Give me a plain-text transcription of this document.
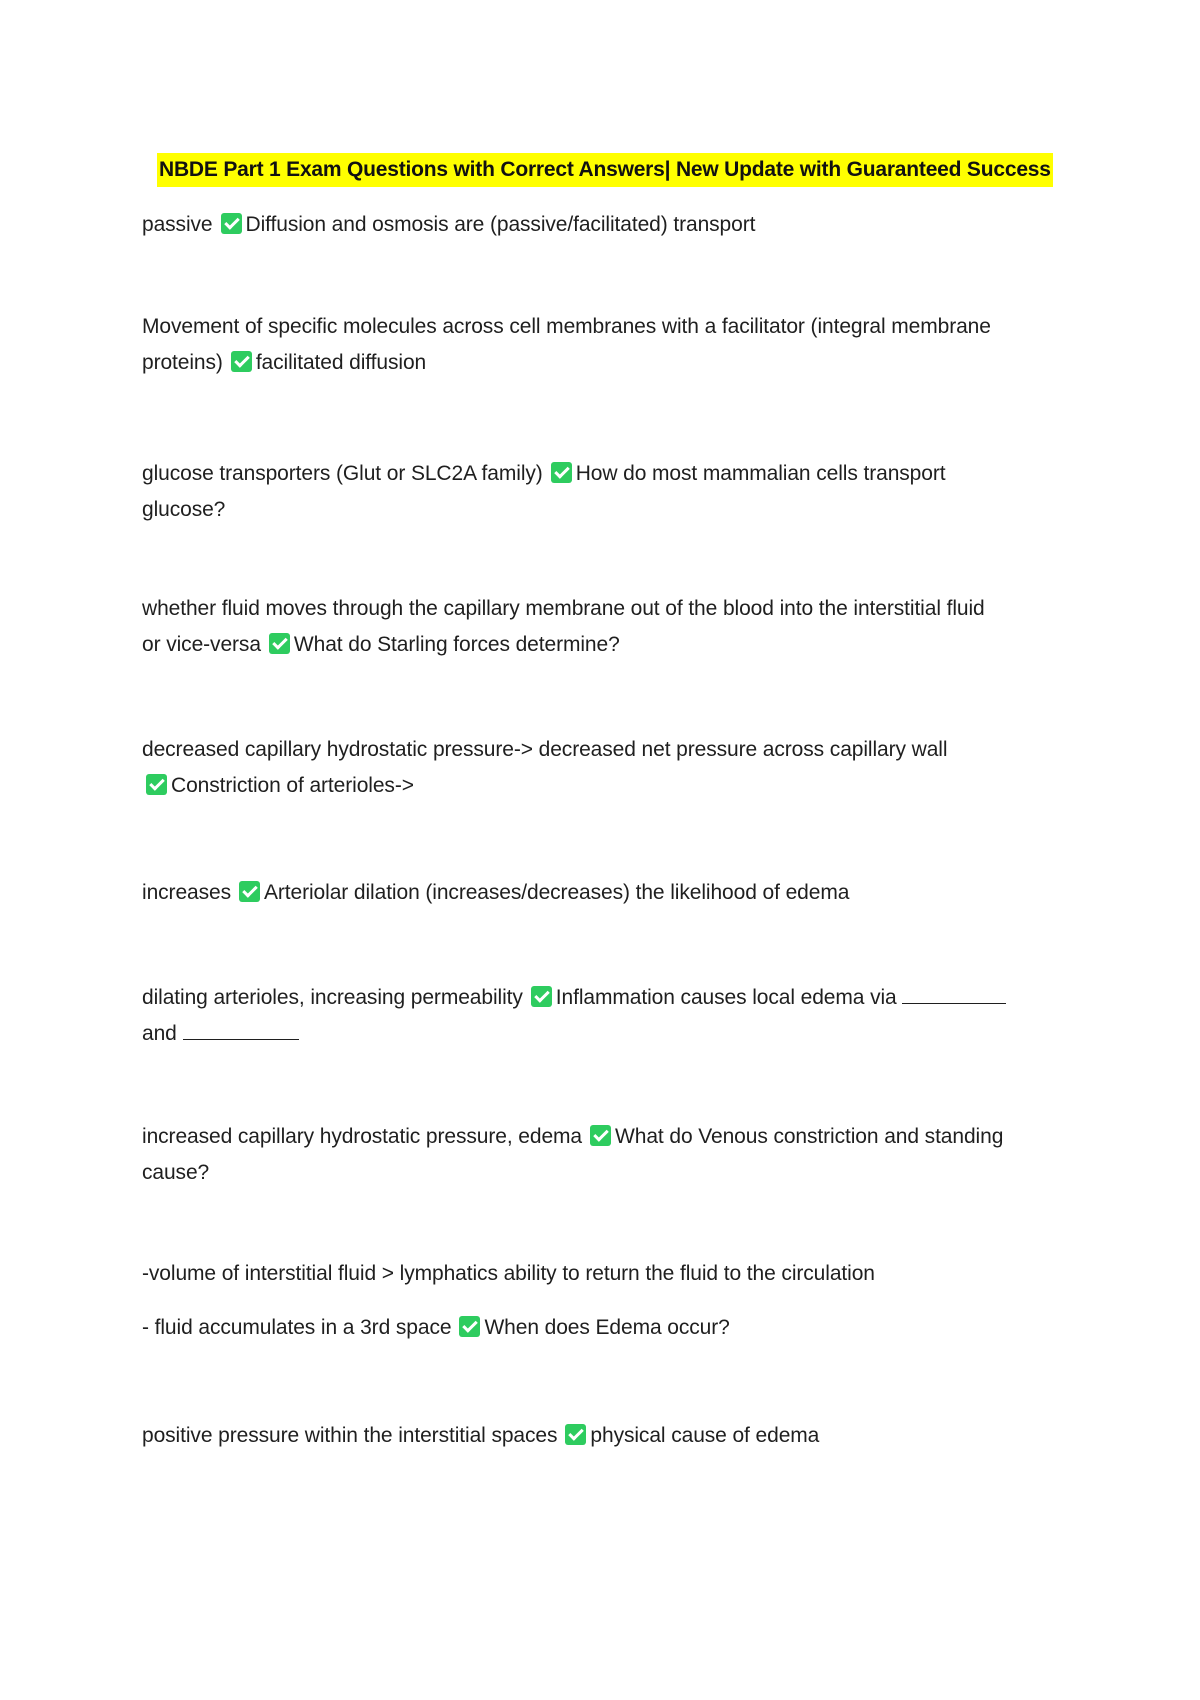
NBDE Part 1 Exam Questions with Correct Answers| New Update with Guaranteed Success
passive Diffusion and osmosis are (passive/facilitated) transport
Movement of specific molecules across cell membranes with a facilitator (integral membrane
proteins) facilitated diffusion
glucose transporters (Glut or SLC2A family) How do most mammalian cells transport
glucose?
whether fluid moves through the capillary membrane out of the blood into the interstitial fluid
or vice-versa What do Starling forces determine?
decreased capillary hydrostatic pressure-> decreased net pressure across capillary wall
Constriction of arterioles->
increases Arteriolar dilation (increases/decreases) the likelihood of edema
dilating arterioles, increasing permeability Inflammation causes local edema via
and
increased capillary hydrostatic pressure, edema What do Venous constriction and standing
cause?
-volume of interstitial fluid > lymphatics ability to return the fluid to the circulation
- fluid accumulates in a 3rd space When does Edema occur?
positive pressure within the interstitial spaces physical cause of edema
